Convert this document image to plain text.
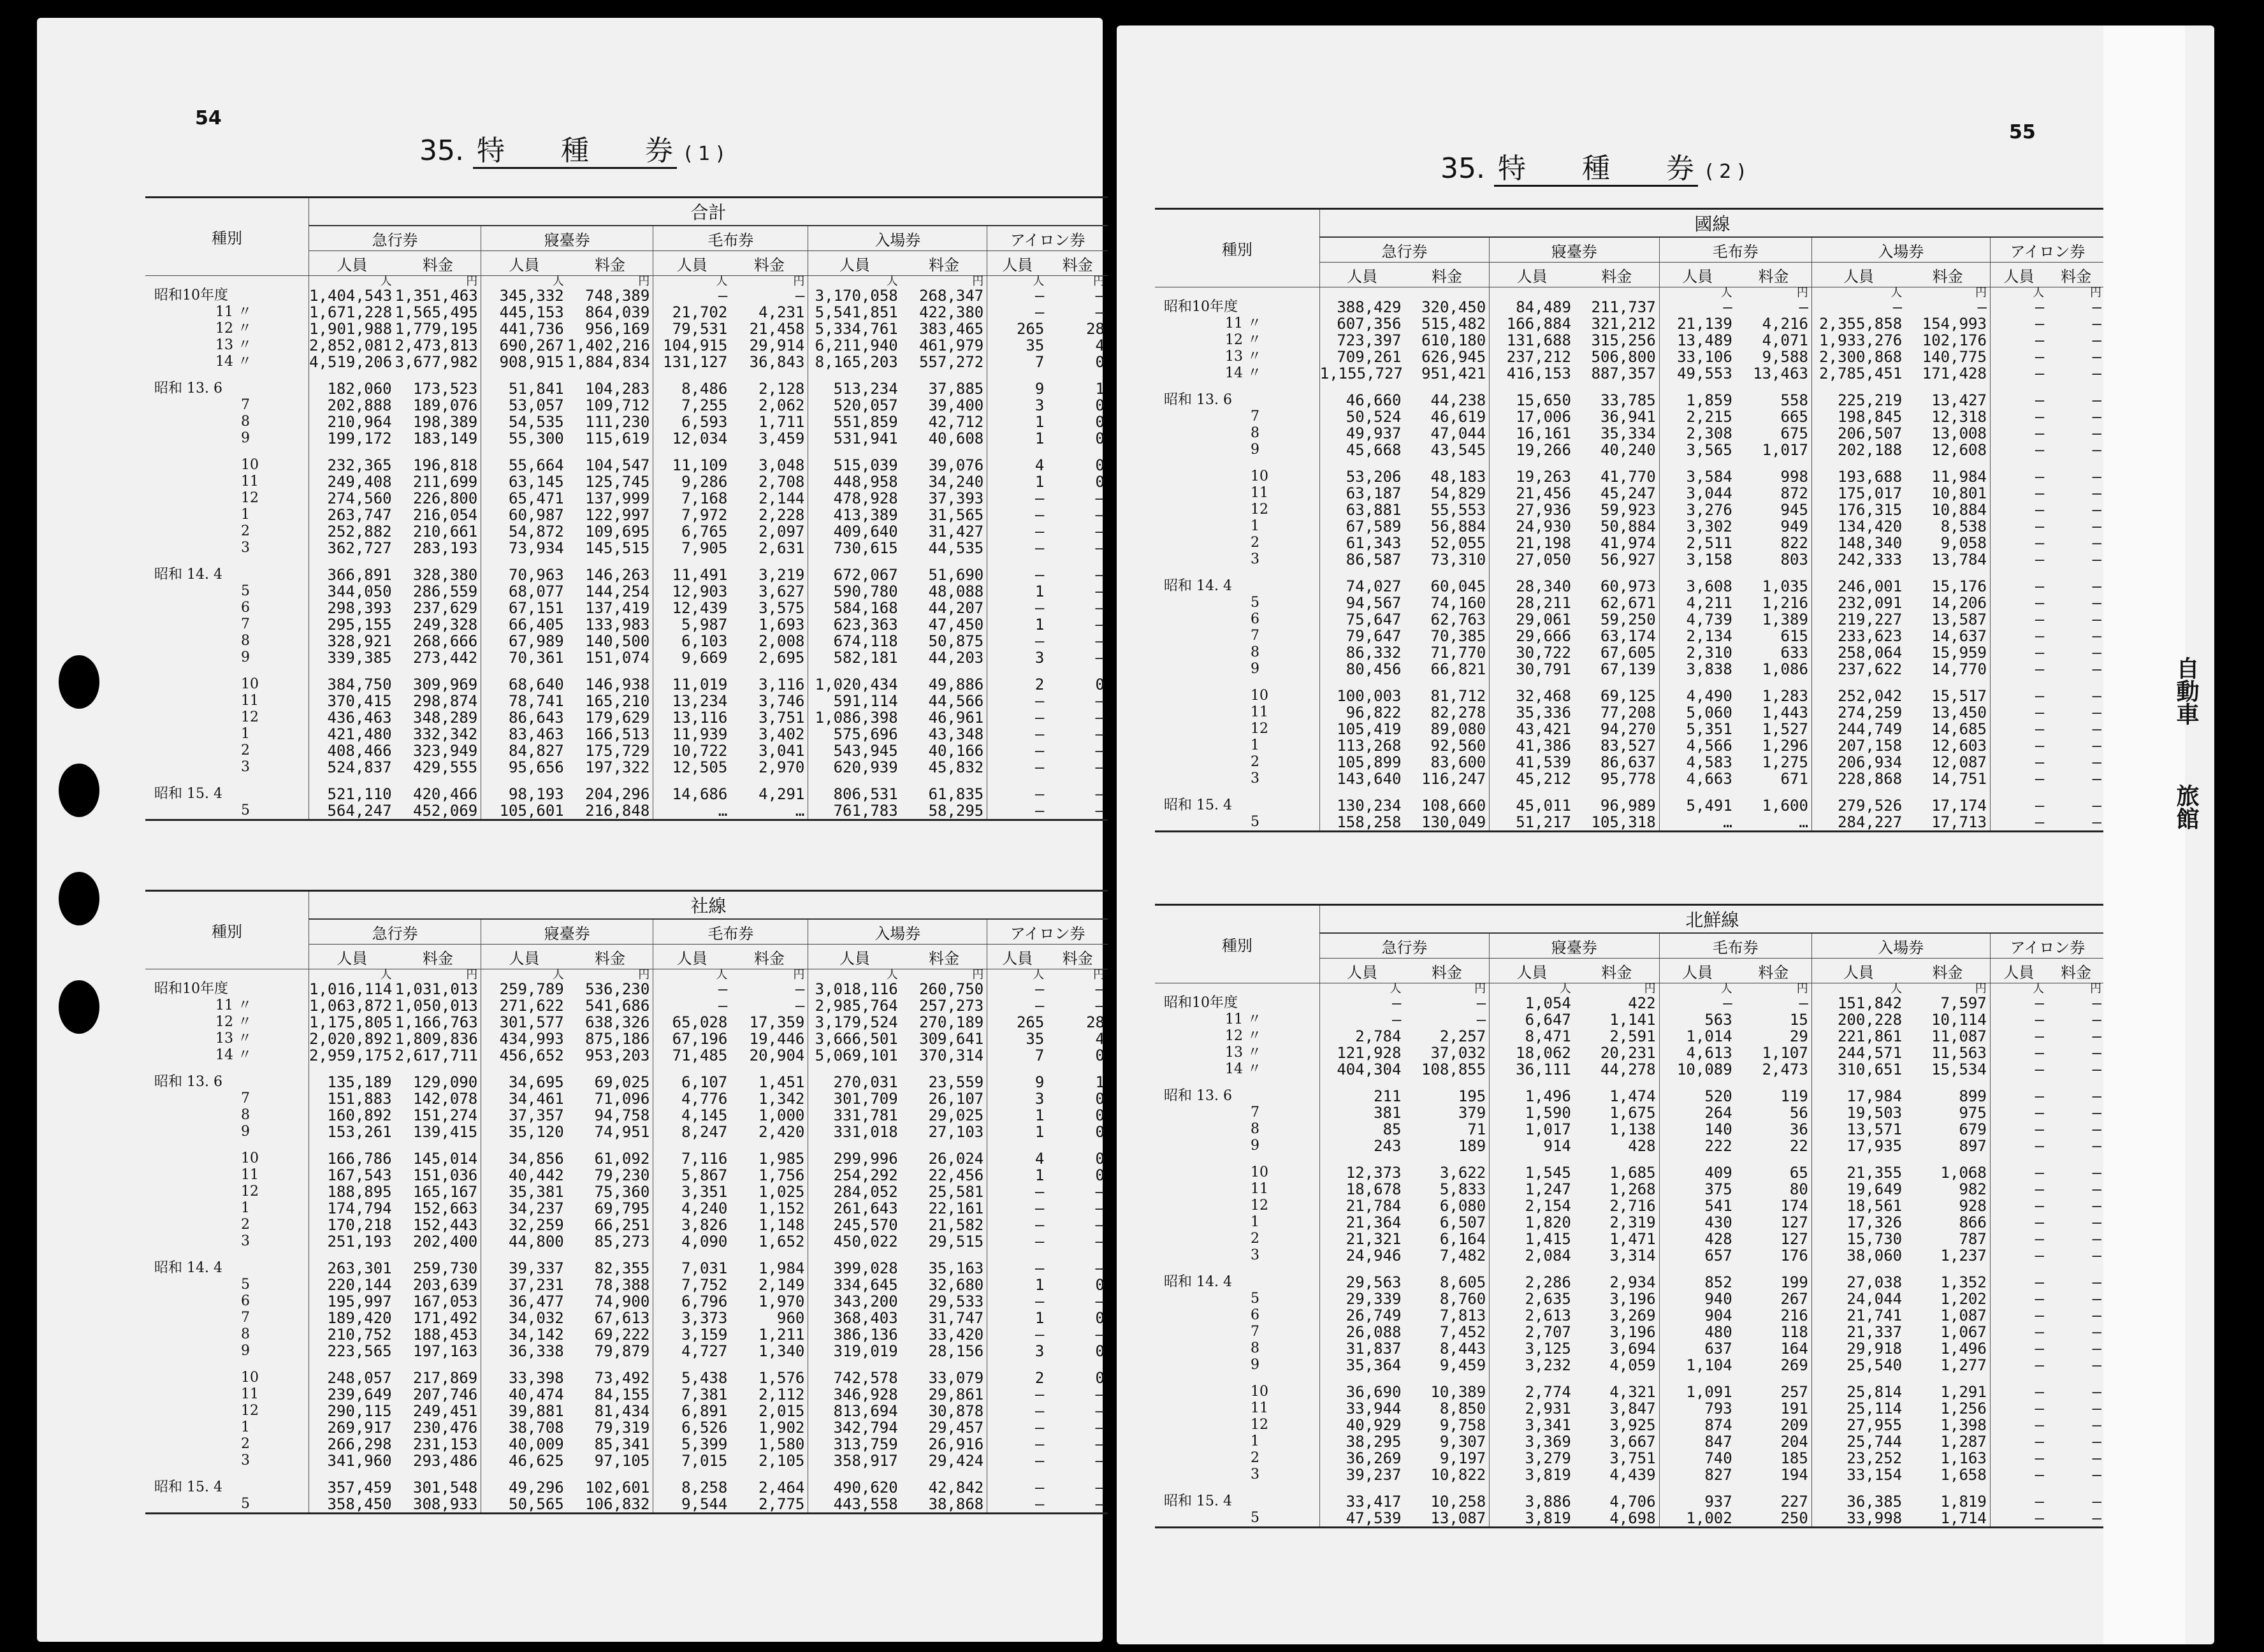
54
35. 特　　種　　券 ( 1 )
種別	合計									
	急行券		寢臺券		毛布券		入場券		アイロン券	
	人員	料金	人員	料金	人員	料金	人員	料金	人員	料金
	人	円	人	円	人	円	人	円	人	円
昭和10年度	1,404,543	1,351,463	345,332	748,389	—	—	3,170,058	268,347	—	—
11 〃	1,671,228	1,565,495	445,153	864,039	21,702	4,231	5,541,851	422,380	—	—
12 〃	1,901,988	1,779,195	441,736	956,169	79,531	21,458	5,334,761	383,465	265	28
13 〃	2,852,081	2,473,813	690,267	1,402,216	104,915	29,914	6,211,940	461,979	35	4
14 〃	4,519,206	3,677,982	908,915	1,884,834	131,127	36,843	8,165,203	557,272	7	0
昭和 13. 6	182,060	173,523	51,841	104,283	8,486	2,128	513,234	37,885	9	1
7	202,888	189,076	53,057	109,712	7,255	2,062	520,057	39,400	3	0
8	210,964	198,389	54,535	111,230	6,593	1,711	551,859	42,712	1	0
9	199,172	183,149	55,300	115,619	12,034	3,459	531,941	40,608	1	0
10	232,365	196,818	55,664	104,547	11,109	3,048	515,039	39,076	4	0
11	249,408	211,699	63,145	125,745	9,286	2,708	448,958	34,240	1	0
12	274,560	226,800	65,471	137,999	7,168	2,144	478,928	37,393	—	—
1	263,747	216,054	60,987	122,997	7,972	2,228	413,389	31,565	—	—
2	252,882	210,661	54,872	109,695	6,765	2,097	409,640	31,427	—	—
3	362,727	283,193	73,934	145,515	7,905	2,631	730,615	44,535	—	—
昭和 14. 4	366,891	328,380	70,963	146,263	11,491	3,219	672,067	51,690	—	—
5	344,050	286,559	68,077	144,254	12,903	3,627	590,780	48,088	1	—
6	298,393	237,629	67,151	137,419	12,439	3,575	584,168	44,207	—	—
7	295,155	249,328	66,405	133,983	5,987	1,693	623,363	47,450	1	—
8	328,921	268,666	67,989	140,500	6,103	2,008	674,118	50,875	—	—
9	339,385	273,442	70,361	151,074	9,669	2,695	582,181	44,203	3	—
10	384,750	309,969	68,640	146,938	11,019	3,116	1,020,434	49,886	2	0
11	370,415	298,874	78,741	165,210	13,234	3,746	591,114	44,566	—	—
12	436,463	348,289	86,643	179,629	13,116	3,751	1,086,398	46,961	—	—
1	421,480	332,342	83,463	166,513	11,939	3,402	575,696	43,348	—	—
2	408,466	323,949	84,827	175,729	10,722	3,041	543,945	40,166	—	—
3	524,837	429,555	95,656	197,322	12,505	2,970	620,939	45,832	—	—
昭和 15. 4	521,110	420,466	98,193	204,296	14,686	4,291	806,531	61,835	—	—
5	564,247	452,069	105,601	216,848	…	…	761,783	58,295	—	—
種別	社線									
	急行券		寢臺券		毛布券		入場券		アイロン券	
	人員	料金	人員	料金	人員	料金	人員	料金	人員	料金
	人	円	人	円	人	円	人	円	人	円
昭和10年度	1,016,114	1,031,013	259,789	536,230	—	—	3,018,116	260,750	—	—
11 〃	1,063,872	1,050,013	271,622	541,686	—	—	2,985,764	257,273	—	—
12 〃	1,175,805	1,166,763	301,577	638,326	65,028	17,359	3,179,524	270,189	265	28
13 〃	2,020,892	1,809,836	434,993	875,186	67,196	19,446	3,666,501	309,641	35	4
14 〃	2,959,175	2,617,711	456,652	953,203	71,485	20,904	5,069,101	370,314	7	0
昭和 13. 6	135,189	129,090	34,695	69,025	6,107	1,451	270,031	23,559	9	1
7	151,883	142,078	34,461	71,096	4,776	1,342	301,709	26,107	3	0
8	160,892	151,274	37,357	94,758	4,145	1,000	331,781	29,025	1	0
9	153,261	139,415	35,120	74,951	8,247	2,420	331,018	27,103	1	0
10	166,786	145,014	34,856	61,092	7,116	1,985	299,996	26,024	4	0
11	167,543	151,036	40,442	79,230	5,867	1,756	254,292	22,456	1	0
12	188,895	165,167	35,381	75,360	3,351	1,025	284,052	25,581	—	—
1	174,794	152,663	34,237	69,795	4,240	1,152	261,643	22,161	—	—
2	170,218	152,443	32,259	66,251	3,826	1,148	245,570	21,582	—	—
3	251,193	202,400	44,800	85,273	4,090	1,652	450,022	29,515	—	—
昭和 14. 4	263,301	259,730	39,337	82,355	7,031	1,984	399,028	35,163	—	—
5	220,144	203,639	37,231	78,388	7,752	2,149	334,645	32,680	1	0
6	195,997	167,053	36,477	74,900	6,796	1,970	343,200	29,533	—	—
7	189,420	171,492	34,032	67,613	3,373	960	368,403	31,747	1	0
8	210,752	188,453	34,142	69,222	3,159	1,211	386,136	33,420	—	—
9	223,565	197,163	36,338	79,879	4,727	1,340	319,019	28,156	3	0
10	248,057	217,869	33,398	73,492	5,438	1,576	742,578	33,079	2	0
11	239,649	207,746	40,474	84,155	7,381	2,112	346,928	29,861	—	—
12	290,115	249,451	39,881	81,434	6,891	2,015	813,694	30,878	—	—
1	269,917	230,476	38,708	79,319	6,526	1,902	342,794	29,457	—	—
2	266,298	231,153	40,009	85,341	5,399	1,580	313,759	26,916	—	—
3	341,960	293,486	46,625	97,105	7,015	2,105	358,917	29,424	—	—
昭和 15. 4	357,459	301,548	49,296	102,601	8,258	2,464	490,620	42,842	—	—
5	358,450	308,933	50,565	106,832	9,544	2,775	443,558	38,868	—	—
55
35. 特　　種　　券 ( 2 )
種別	國線									
	急行券		寢臺券		毛布券		入場券		アイロン券	
	人員	料金	人員	料金	人員	料金	人員	料金	人員	料金
					人	円	人	円	人	円
昭和10年度	388,429	320,450	84,489	211,737	—	—	—	—	—	—
11 〃	607,356	515,482	166,884	321,212	21,139	4,216	2,355,858	154,993	—	—
12 〃	723,397	610,180	131,688	315,256	13,489	4,071	1,933,276	102,176	—	—
13 〃	709,261	626,945	237,212	506,800	33,106	9,588	2,300,868	140,775	—	—
14 〃	1,155,727	951,421	416,153	887,357	49,553	13,463	2,785,451	171,428	—	—
昭和 13. 6	46,660	44,238	15,650	33,785	1,859	558	225,219	13,427	—	—
7	50,524	46,619	17,006	36,941	2,215	665	198,845	12,318	—	—
8	49,937	47,044	16,161	35,334	2,308	675	206,507	13,008	—	—
9	45,668	43,545	19,266	40,240	3,565	1,017	202,188	12,608	—	—
10	53,206	48,183	19,263	41,770	3,584	998	193,688	11,984	—	—
11	63,187	54,829	21,456	45,247	3,044	872	175,017	10,801	—	—
12	63,881	55,553	27,936	59,923	3,276	945	176,315	10,884	—	—
1	67,589	56,884	24,930	50,884	3,302	949	134,420	8,538	—	—
2	61,343	52,055	21,198	41,974	2,511	822	148,340	9,058	—	—
3	86,587	73,310	27,050	56,927	3,158	803	242,333	13,784	—	—
昭和 14. 4	74,027	60,045	28,340	60,973	3,608	1,035	246,001	15,176	—	—
5	94,567	74,160	28,211	62,671	4,211	1,216	232,091	14,206	—	—
6	75,647	62,763	29,061	59,250	4,739	1,389	219,227	13,587	—	—
7	79,647	70,385	29,666	63,174	2,134	615	233,623	14,637	—	—
8	86,332	71,770	30,722	67,605	2,310	633	258,064	15,959	—	—
9	80,456	66,821	30,791	67,139	3,838	1,086	237,622	14,770	—	—
10	100,003	81,712	32,468	69,125	4,490	1,283	252,042	15,517	—	—
11	96,822	82,278	35,336	77,208	5,060	1,443	274,259	13,450	—	—
12	105,419	89,080	43,421	94,270	5,351	1,527	244,749	14,685	—	—
1	113,268	92,560	41,386	83,527	4,566	1,296	207,158	12,603	—	—
2	105,899	83,600	41,539	86,637	4,583	1,275	206,934	12,087	—	—
3	143,640	116,247	45,212	95,778	4,663	671	228,868	14,751	—	—
昭和 15. 4	130,234	108,660	45,011	96,989	5,491	1,600	279,526	17,174	—	—
5	158,258	130,049	51,217	105,318	…	…	284,227	17,713	—	—
種別	北鮮線									
	急行券		寢臺券		毛布券		入場券		アイロン券	
	人員	料金	人員	料金	人員	料金	人員	料金	人員	料金
	人	円	人	円	人	円	人	円	人	円
昭和10年度	—	—	1,054	422	—	—	151,842	7,597	—	—
11 〃	—	—	6,647	1,141	563	15	200,228	10,114	—	—
12 〃	2,784	2,257	8,471	2,591	1,014	29	221,861	11,087	—	—
13 〃	121,928	37,032	18,062	20,231	4,613	1,107	244,571	11,563	—	—
14 〃	404,304	108,855	36,111	44,278	10,089	2,473	310,651	15,534	—	—
昭和 13. 6	211	195	1,496	1,474	520	119	17,984	899	—	—
7	381	379	1,590	1,675	264	56	19,503	975	—	—
8	85	71	1,017	1,138	140	36	13,571	679	—	—
9	243	189	914	428	222	22	17,935	897	—	—
10	12,373	3,622	1,545	1,685	409	65	21,355	1,068	—	—
11	18,678	5,833	1,247	1,268	375	80	19,649	982	—	—
12	21,784	6,080	2,154	2,716	541	174	18,561	928	—	—
1	21,364	6,507	1,820	2,319	430	127	17,326	866	—	—
2	21,321	6,164	1,415	1,471	428	127	15,730	787	—	—
3	24,946	7,482	2,084	3,314	657	176	38,060	1,237	—	—
昭和 14. 4	29,563	8,605	2,286	2,934	852	199	27,038	1,352	—	—
5	29,339	8,760	2,635	3,196	940	267	24,044	1,202	—	—
6	26,749	7,813	2,613	3,269	904	216	21,741	1,087	—	—
7	26,088	7,452	2,707	3,196	480	118	21,337	1,067	—	—
8	31,837	8,443	3,125	3,694	637	164	29,918	1,496	—	—
9	35,364	9,459	3,232	4,059	1,104	269	25,540	1,277	—	—
10	36,690	10,389	2,774	4,321	1,091	257	25,814	1,291	—	—
11	33,944	8,850	2,931	3,847	793	191	25,114	1,256	—	—
12	40,929	9,758	3,341	3,925	874	209	27,955	1,398	—	—
1	38,295	9,307	3,369	3,667	847	204	25,744	1,287	—	—
2	36,269	9,197	3,279	3,751	740	185	23,252	1,163	—	—
3	39,237	10,822	3,819	4,439	827	194	33,154	1,658	—	—
昭和 15. 4	33,417	10,258	3,886	4,706	937	227	36,385	1,819	—	—
5	47,539	13,087	3,819	4,698	1,002	250	33,998	1,714	—	—
自動車
旅館
